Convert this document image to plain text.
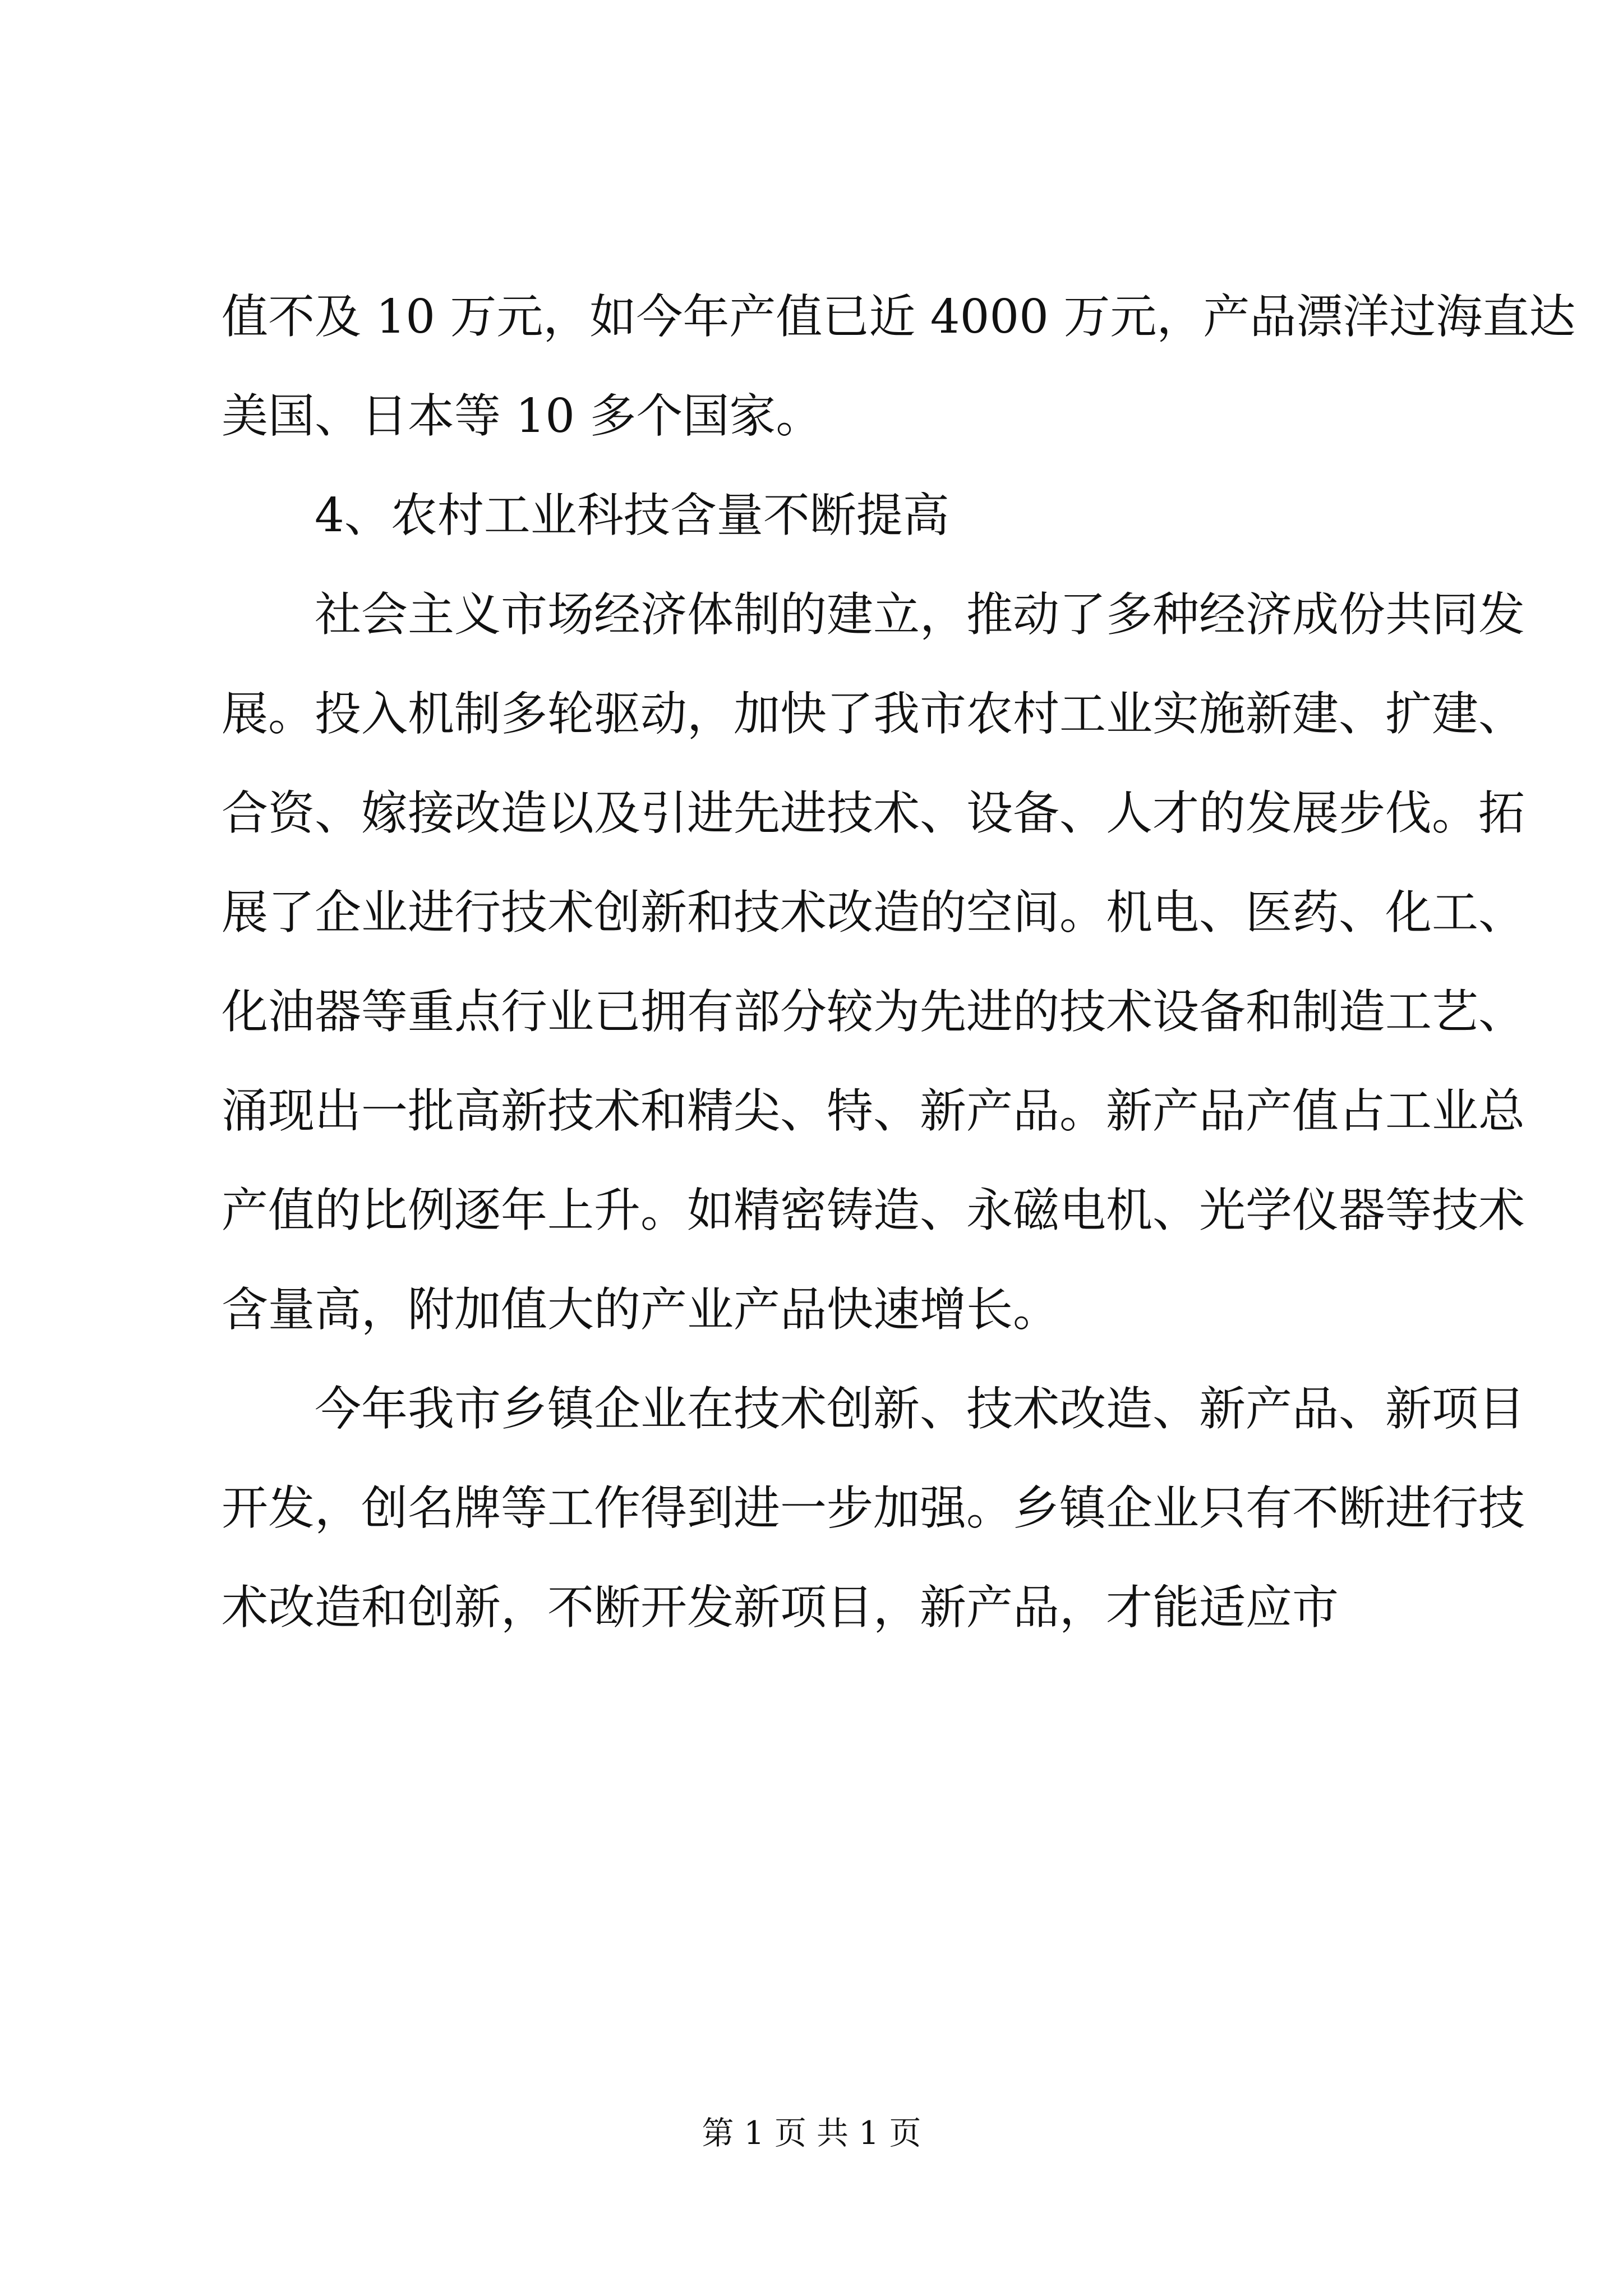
值不及 10 万元，如今年产值已近 4000 万元，产品漂洋过海直达
美国、日本等 10 多个国家。
4、农村工业科技含量不断提高
社会主义市场经济体制的建立，推动了多种经济成份共同发
展。投入机制多轮驱动，加快了我市农村工业实施新建、扩建、
合资、嫁接改造以及引进先进技术、设备、人才的发展步伐。拓
展了企业进行技术创新和技术改造的空间。机电、医药、化工、
化油器等重点行业已拥有部分较为先进的技术设备和制造工艺、
涌现出一批高新技术和精尖、特、新产品。新产品产值占工业总
产值的比例逐年上升。如精密铸造、永磁电机、光学仪器等技术
含量高，附加值大的产业产品快速增长。
今年我市乡镇企业在技术创新、技术改造、新产品、新项目
开发，创名牌等工作得到进一步加强。乡镇企业只有不断进行技
术改造和创新，不断开发新项目，新产品，才能适应市
第 1 页 共 1 页
